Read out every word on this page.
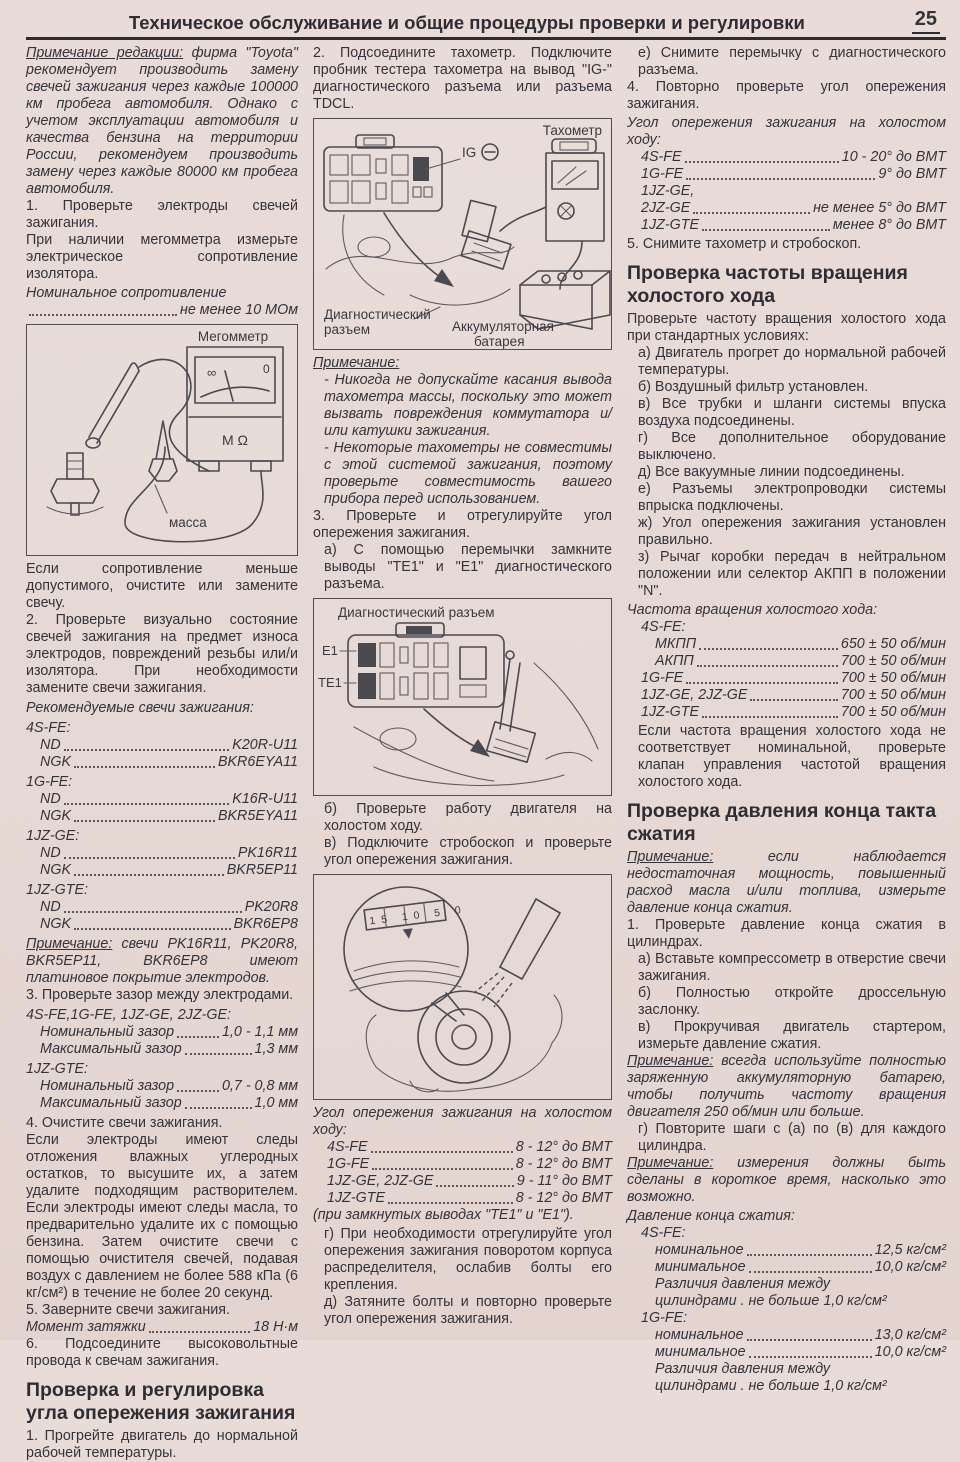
Техническое обслуживание и общие процедуры проверки и регулировки	25

Примечание редакции: фирма "Toyota" рекомендует производить замену свечей зажигания через каждые 100000 км пробега автомобиля. Однако с учетом эксплуатации автомобиля и качества бензина на территории России, рекомендуем производить замену через каждые 80000 км пробега автомобиля.

1. Проверьте электроды свечей зажигания.

При наличии мегомметра измерьте электрическое сопротивление изолятора.

Номинальное сопротивление
не менее 10 МОм
Мегомметр
∞	0
М Ω
масса

Если сопротивление меньше допустимого, очистите или замените свечу.

2. Проверьте визуально состояние свечей зажигания на предмет износа электродов, повреждений резьбы или/и изолятора. При необходимости замените свечи зажигания.

Рекомендуемые свечи зажигания:

4S-FE:
ND	K20R-U11
NGK	BKR6EYA11
1G-FE:
ND	K16R-U11
NGK	BKR5EYA11
1JZ-GE:
ND	PK16R11
NGK	BKR5EP11
1JZ-GTE:
ND	PK20R8
NGK	BKR6EP8

Примечание: свечи PK16R11, PK20R8, BKR5EP11, BKR6EP8 имеют платиновое покрытие электродов.

3. Проверьте зазор между электродами.

4S-FE,1G-FE, 1JZ-GE, 2JZ-GE:
Номинальный зазор	1,0 - 1,1 мм
Максимальный зазор	1,3 мм
1JZ-GTE:
Номинальный зазор	0,7 - 0,8 мм
Максимальный зазор	1,0 мм

4. Очистите свечи зажигания.

Если электроды имеют следы отложения влажных углеродных остатков, то высушите их, а затем удалите подходящим растворителем. Если электроды имеют следы масла, то предварительно удалите их с помощью бензина. Затем очистите свечи с помощью очистителя свечей, подавая воздух с давлением не более 588 кПа (6 кг/см²) в течение не более 20 секунд.

5. Заверните свечи зажигания.

Момент затяжки	18 Н·м

6. Подсоедините высоковольтные провода к свечам зажигания.

Проверка и регулировка угла опережения зажигания

1. Прогрейте двигатель до нормальной рабочей температуры.

2. Подсоедините тахометр. Подключите пробник тестера тахометра на вывод "IG-" диагностического разъема или разъема TDCL.

Тахометр
IG
Диагностический
разъем	Аккумуляторная
батарея

Примечание:

- Никогда не допускайте касания вывода тахометра массы, поскольку это может вызвать повреждения коммутатора и/или катушки зажигания.

- Некоторые тахометры не совместимы с этой системой зажигания, поэтому проверьте совместимость вашего прибора перед использованием.

3. Проверьте и отрегулируйте угол опережения зажигания.

а) С помощью перемычки замкните выводы "TE1" и "E1" диагностического разъема.

Диагностический разъем
E1
TE1

б) Проверьте работу двигателя на холостом ходу.

в) Подключите стробоскоп и проверьте угол опережения зажигания.

15 10 5 0

Угол опережения зажигания на холостом ходу:

4S-FE	8 - 12° до ВМТ
1G-FE	8 - 12° до ВМТ
1JZ-GE, 2JZ-GE	9 - 11° до ВМТ
1JZ-GTE	8 - 12° до ВМТ

(при замкнутых выводах "TE1" и "E1").

г) При необходимости отрегулируйте угол опережения зажигания поворотом корпуса распределителя, ослабив болты его крепления.

д) Затяните болты и повторно проверьте угол опережения зажигания.

е) Снимите перемычку с диагностического разъема.

4. Повторно проверьте угол опережения зажигания.

Угол опережения зажигания на холостом ходу:

4S-FE	10 - 20° до ВМТ
1G-FE	9° до ВМТ
1JZ-GE,
2JZ-GE	не менее 5° до ВМТ
1JZ-GTE	менее 8° до ВМТ

5. Снимите тахометр и стробоскоп.

Проверка частоты вращения холостого хода

Проверьте частоту вращения холостого хода при стандартных условиях:

а) Двигатель прогрет до нормальной рабочей температуры.

б) Воздушный фильтр установлен.

в) Все трубки и шланги системы впуска воздуха подсоединены.

г) Все дополнительное оборудование выключено.

д) Все вакуумные линии подсоединены.

е) Разъемы электропроводки системы впрыска подключены.

ж) Угол опережения зажигания установлен правильно.

з) Рычаг коробки передач в нейтральном положении или селектор АКПП в положении "N".

Частота вращения холостого хода:

4S-FE:
МКПП	650 ± 50 об/мин
АКПП	700 ± 50 об/мин
1G-FE	700 ± 50 об/мин
1JZ-GE, 2JZ-GE	700 ± 50 об/мин
1JZ-GTE	700 ± 50 об/мин

Если частота вращения холостого хода не соответствует номинальной, проверьте клапан управления частотой вращения холостого хода.

Проверка давления конца такта сжатия

Примечание:	если наблюдается недостаточная мощность, повышенный расход масла и/или топлива, измерьте давление конца сжатия.

1. Проверьте давление конца сжатия в цилиндрах.

а) Вставьте компрессометр в отверстие свечи зажигания.

б) Полностью откройте дроссельную заслонку.

в) Прокручивая двигатель стартером, измерьте давление сжатия.

Примечание: всегда используйте полностью заряженную аккумуляторную батарею, чтобы получить частоту вращения двигателя 250 об/мин или больше.

г) Повторите шаги с (а) по (в) для каждого цилиндра.

Примечание: измерения должны быть сделаны в короткое время, насколько это возможно.

Давление конца сжатия:

4S-FE:
номинальное	12,5 кг/см²
минимальное	10,0 кг/см²
Различия давления между
цилиндрами . не больше 1,0 кг/см²
1G-FE:
номинальное	13,0 кг/см²
минимальное	10,0 кг/см²
Различия давления между
цилиндрами . не больше 1,0 кг/см²
